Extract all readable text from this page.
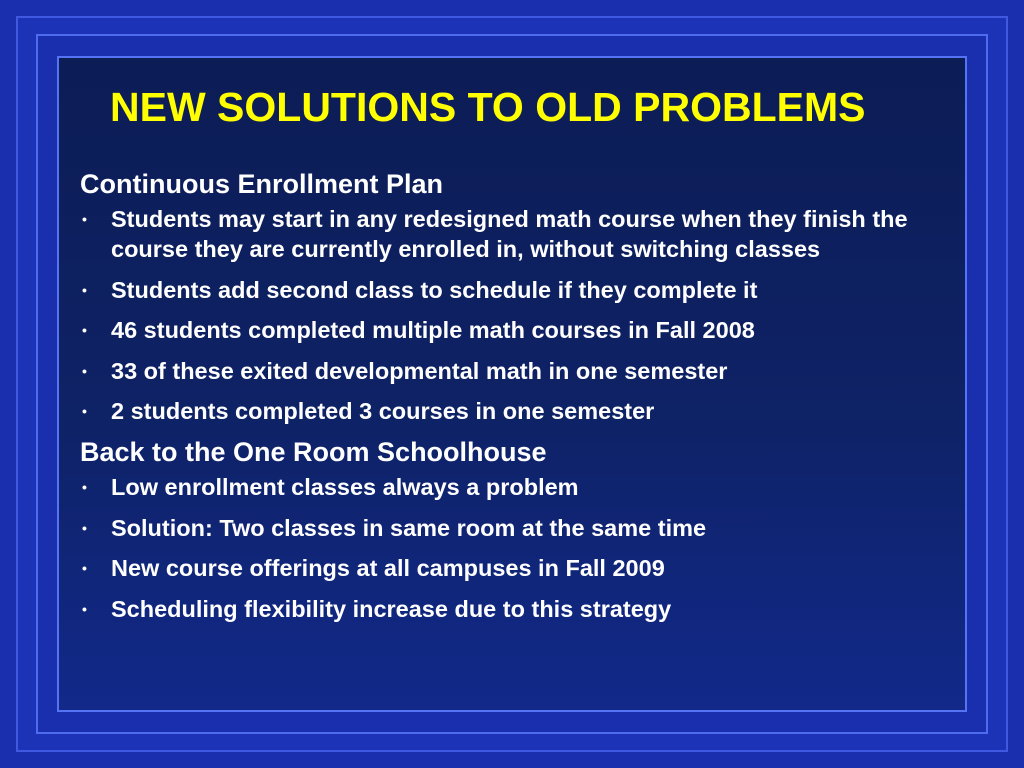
NEW SOLUTIONS TO OLD PROBLEMS
Continuous Enrollment Plan
• Students may start in any redesigned math course when they finish the course they are currently enrolled in, without switching classes
• Students add second class to schedule if they complete it
• 46 students completed multiple math courses in Fall 2008
• 33 of these exited developmental math in one semester
• 2 students completed 3 courses in one semester
Back to the One Room Schoolhouse
• Low enrollment classes always a problem
• Solution: Two classes in same room at the same time
• New course offerings at all campuses in Fall 2009
• Scheduling flexibility increase due to this strategy
